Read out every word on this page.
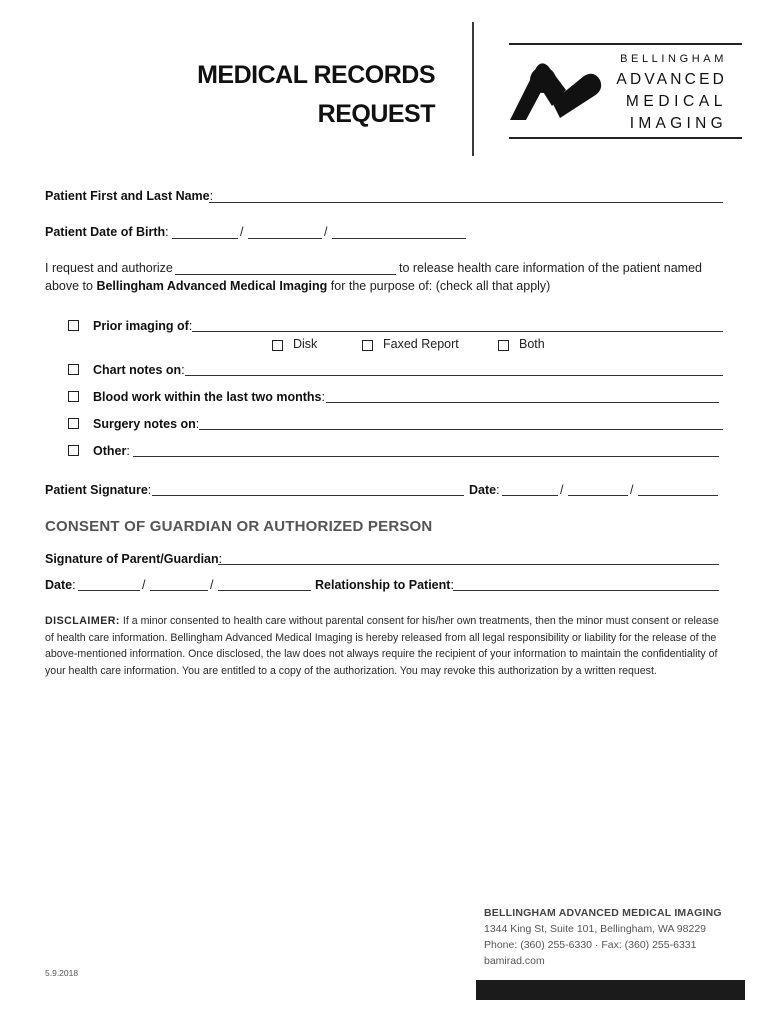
MEDICAL RECORDS
REQUEST
BELLINGHAM
ADVANCED
MEDICAL
IMAGING
Patient First and Last Name:
Patient Date of Birth:	/	/
I request and authorize	to release health care information of the patient named
above to Bellingham Advanced Medical Imaging for the purpose of: (check all that apply)
Prior imaging of:
Disk	Faxed Report	Both
Chart notes on:
Blood work within the last two months:
Surgery notes on:
Other:
Patient Signature:	Date:	/	/
CONSENT OF GUARDIAN OR AUTHORIZED PERSON
Signature of Parent/Guardian:
Date:	/	/	Relationship to Patient:
DISCLAIMER: If a minor consented to health care without parental consent for his/her own treatments, then the minor must consent or release of health care information. Bellingham Advanced Medical Imaging is hereby released from all legal responsibility or liability for the release of the above-mentioned information. Once disclosed, the law does not always require the recipient of your information to maintain the confidentiality of your health care information. You are entitled to a copy of the authorization. You may revoke this authorization by a written request.
BELLINGHAM ADVANCED MEDICAL IMAGING
1344 King St, Suite 101, Bellingham, WA 98229
Phone: (360) 255-6330 · Fax: (360) 255-6331
bamirad.com
5.9.2018
